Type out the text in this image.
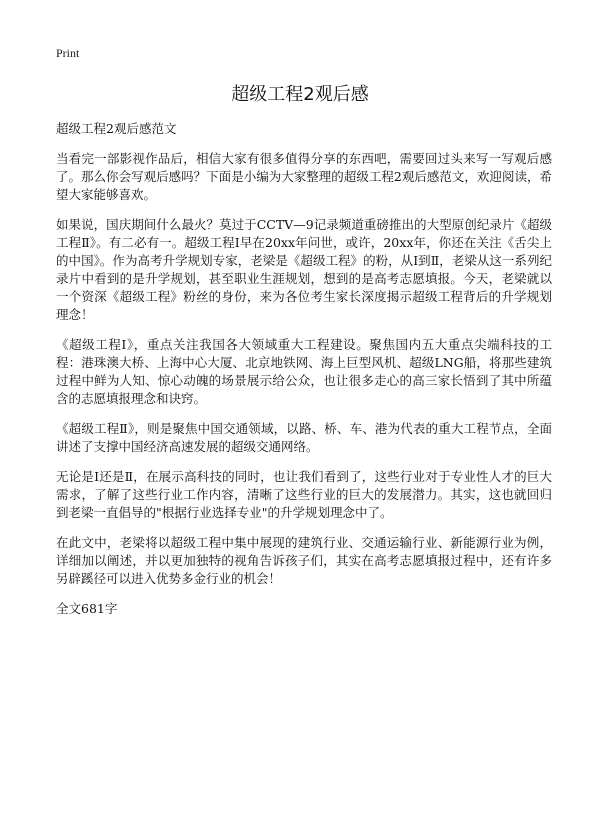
Print
超级工程2观后感

超级工程2观后感范文

当看完一部影视作品后，相信大家有很多值得分享的东西吧，需要回过头来写一写观后感了。那么你会写观后感吗？下面是小编为大家整理的超级工程2观后感范文，欢迎阅读，希望大家能够喜欢。

如果说，国庆期间什么最火？莫过于CCTV—9记录频道重磅推出的大型原创纪录片《超级工程Ⅱ》。有二必有一。超级工程Ⅰ早在20xx年问世，或许，20xx年，你还在关注《舌尖上的中国》。作为高考升学规划专家，老梁是《超级工程》的粉，从Ⅰ到Ⅱ，老梁从这一系列纪录片中看到的是升学规划，甚至职业生涯规划，想到的是高考志愿填报。今天，老梁就以一个资深《超级工程》粉丝的身份，来为各位考生家长深度揭示超级工程背后的升学规划理念！

《超级工程Ⅰ》，重点关注我国各大领域重大工程建设。聚焦国内五大重点尖端科技的工程：港珠澳大桥、上海中心大厦、北京地铁网、海上巨型风机、超级LNG船，将那些建筑过程中鲜为人知、惊心动魄的场景展示给公众，也让很多走心的高三家长悟到了其中所蕴含的志愿填报理念和诀窍。

《超级工程Ⅱ》，则是聚焦中国交通领域，以路、桥、车、港为代表的重大工程节点，全面讲述了支撑中国经济高速发展的超级交通网络。

无论是Ⅰ还是Ⅱ，在展示高科技的同时，也让我们看到了，这些行业对于专业性人才的巨大需求，了解了这些行业工作内容，清晰了这些行业的巨大的发展潜力。其实，这也就回归到老梁一直倡导的"根据行业选择专业"的升学规划理念中了。

在此文中，老梁将以超级工程中集中展现的建筑行业、交通运输行业、新能源行业为例，详细加以阐述，并以更加独特的视角告诉孩子们，其实在高考志愿填报过程中，还有许多另辟蹊径可以进入优势多金行业的机会！

全文681字
